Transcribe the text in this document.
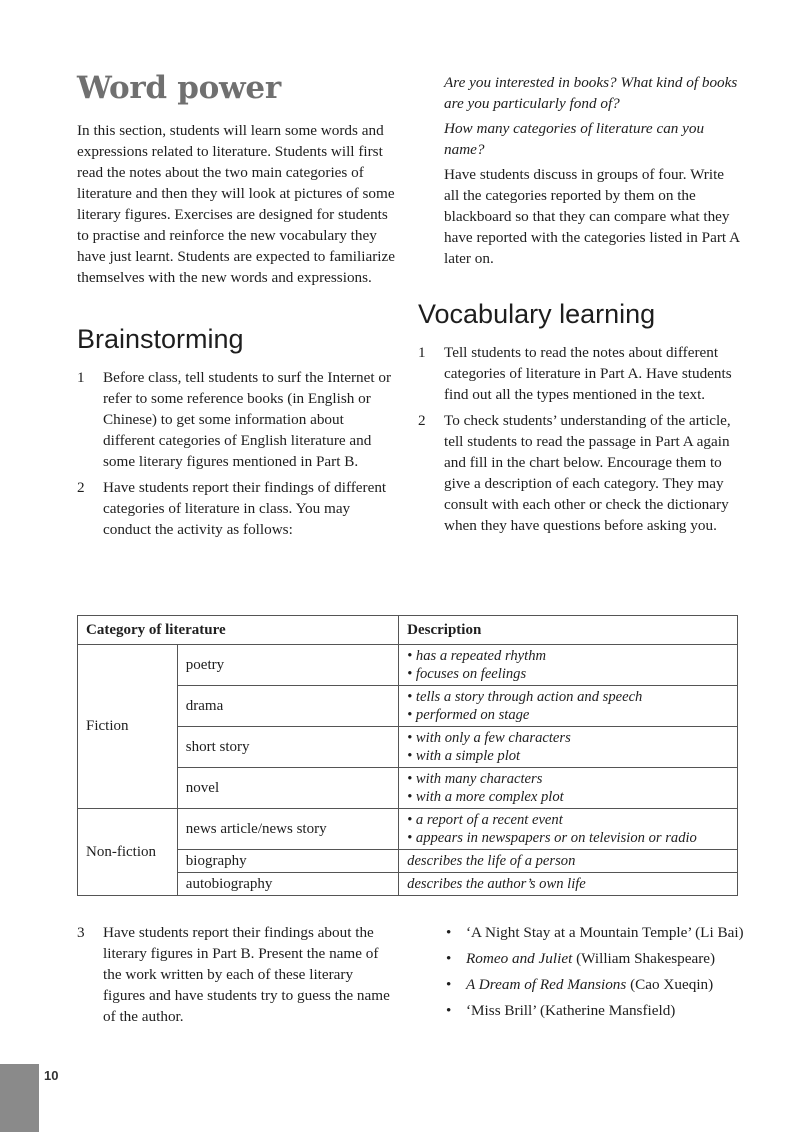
Word power

In this section, students will learn some words and expressions related to literature. Students will first read the notes about the two main categories of literature and then they will look at pictures of some literary figures. Exercises are designed for students to practise and reinforce the new vocabulary they have just learnt. Students are expected to familiarize themselves with the new words and expressions.

Brainstorming
1 Before class, tell students to surf the Internet or refer to some reference books (in English or Chinese) to get some information about different categories of English literature and some literary figures mentioned in Part B.
2 Have students report their findings of different categories of literature in class. You may conduct the activity as follows:

Are you interested in books? What kind of books are you particularly fond of?

How many categories of literature can you name?

Have students discuss in groups of four. Write all the categories reported by them on the blackboard so that they can compare what they have reported with the categories listed in Part A later on.

Vocabulary learning
1 Tell students to read the notes about different categories of literature in Part A. Have students find out all the types mentioned in the text.
2 To check students’ understanding of the article, tell students to read the passage in Part A again and fill in the chart below. Encourage them to give a description of each category. They may consult with each other or check the dictionary when they have questions before asking you.
Category of literature		Description
Fiction	poetry	• has a repeated rhythm
• focuses on feelings

	drama	• tells a story through action and speech
• performed on stage

	short story	• with only a few characters
• with a simple plot

	novel	• with many characters
• with a more complex plot

Non-fiction	news article/news story	• a report of a recent event
• appears in newspapers or on television or radio

	biography	describes the life of a person

	autobiography	describes the author’s own life
3 Have students report their findings about the literary figures in Part B. Present the name of the work written by each of these literary figures and have students try to guess the name of the author.
• ‘A Night Stay at a Mountain Temple’ (Li Bai)
• Romeo and Juliet (William Shakespeare)
• A Dream of Red Mansions (Cao Xueqin)
• ‘Miss Brill’ (Katherine Mansfield)
10
